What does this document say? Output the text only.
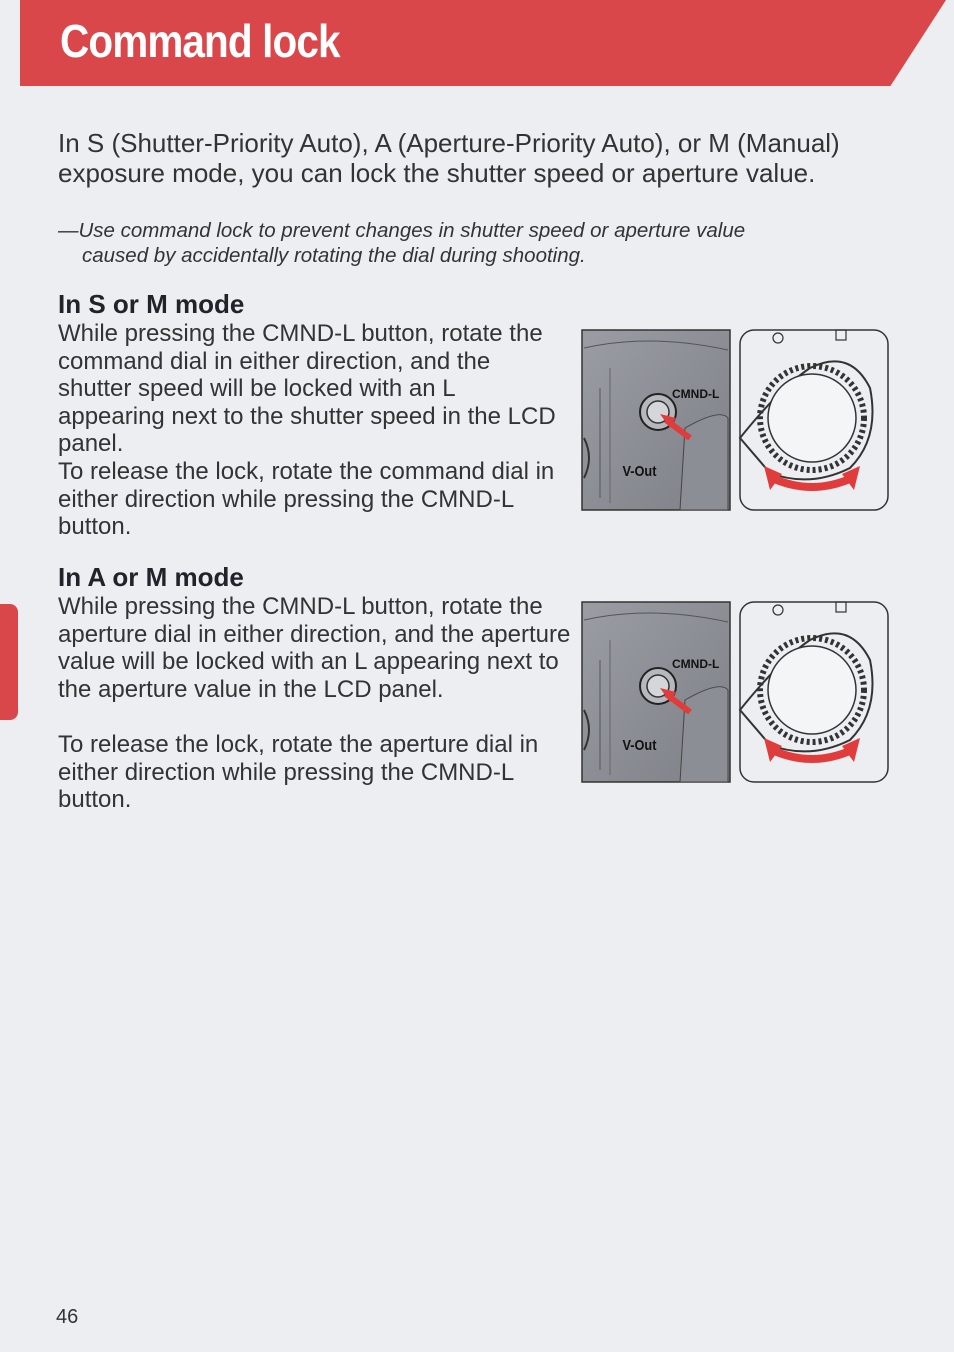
Command lock
In S (Shutter-Priority Auto), A (Aperture-Priority Auto), or M (Manual) exposure mode, you can lock the shutter speed or aperture value.
—Use command lock to prevent changes in shutter speed or aperture value
caused by accidentally rotating the dial during shooting.
In S or M mode
While pressing the CMND-L button, rotate the command dial in either direction, and the shutter speed will be locked with an L appearing next to the shutter speed in the LCD panel.
To release the lock, rotate the command dial in either direction while pressing the CMND-L button.
CMND-L
V-Out
In A or M mode
While pressing the CMND-L button, rotate the aperture dial in either direction, and the aperture value will be locked with an L appearing next to the aperture value in the LCD panel.
To release the lock, rotate the aperture dial in either direction while pressing the CMND-L button.
CMND-L
V-Out
46
